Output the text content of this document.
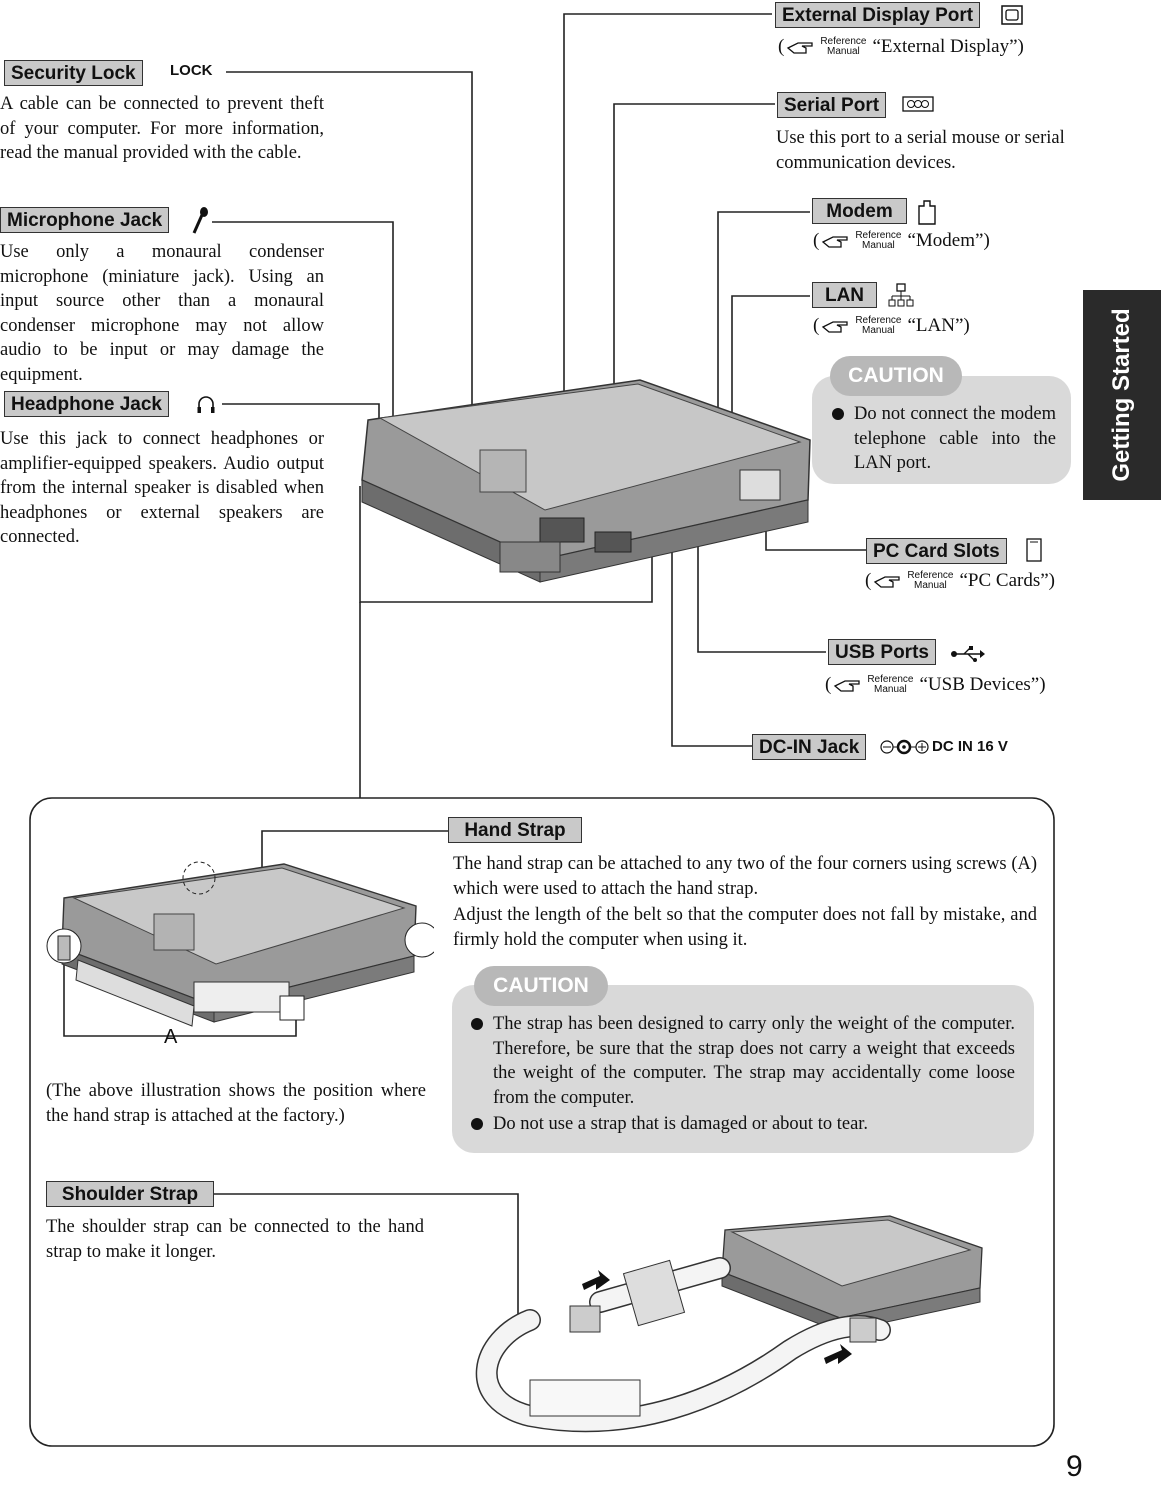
Security Lock	LOCK
A cable can be connected to prevent theft of your computer. For more information, read the manual provided with the cable.
Microphone Jack
Use only a monaural condenser microphone (miniature jack). Using an input source other than a monaural condenser microphone may not allow audio to be input or may damage the equipment.
Headphone Jack
Use this jack to connect headphones or amplifier-equipped speakers. Audio output from the internal speaker is disabled when headphones or external speakers are connected.
External Display Port
(	Reference
Manual “External Display”)
Serial Port
Use this port to a serial mouse or serial communication devices.
Modem
(	Reference
Manual “Modem”)
LAN
(	Reference
Manual “LAN”)
CAUTION
Do not connect the modem telephone cable into the LAN port.
PC Card Slots
(	Reference
Manual “PC Cards”)
USB Ports
(	Reference
Manual “USB Devices”)
DC-IN Jack	DC IN 16 V
Getting Started
A
(The above illustration shows the position where the hand strap is attached at the factory.)
Hand Strap
The hand strap can be attached to any two of the four corners using screws (A) which were used to attach the hand strap.
Adjust the length of the belt so that the computer does not fall by mistake, and firmly hold the computer when using it.
CAUTION
The strap has been designed to carry only the weight of the computer. Therefore, be sure that the strap does not carry a weight that exceeds the weight of the computer. The strap may accidentally come loose from the computer.
Do not use a strap that is damaged or about to tear.
Shoulder Strap
The shoulder strap can be connected to the hand strap to make it longer.
9
